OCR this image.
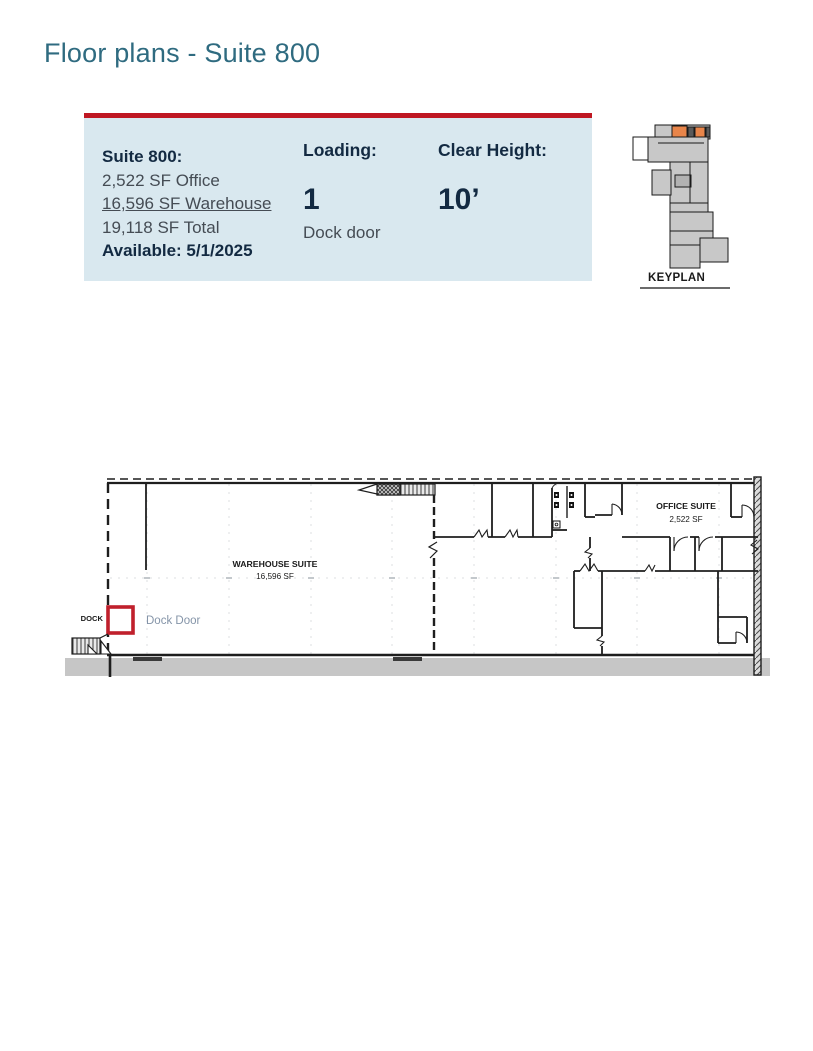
Floor plans - Suite 800
Suite 800:
2,522 SF Office
16,596 SF Warehouse
19,118 SF Total
Available: 5/1/2025
Loading:
1
Dock door
Clear Height:
10’
KEYPLAN
WAREHOUSE SUITE
16,596 SF
OFFICE SUITE
2,522 SF
DOCK	Dock Door
